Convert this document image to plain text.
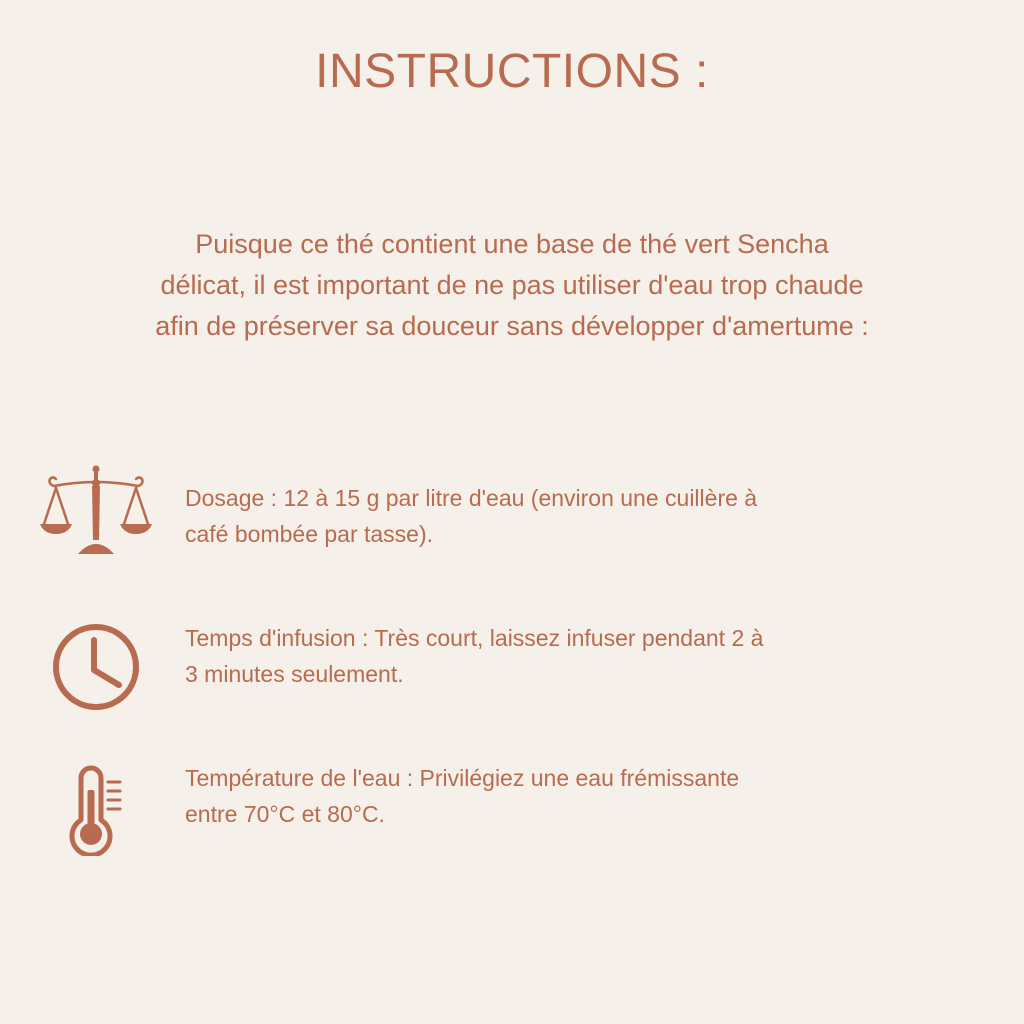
INSTRUCTIONS :
Puisque ce thé contient une base de thé vert Sencha
délicat, il est important de ne pas utiliser d'eau trop chaude
afin de préserver sa douceur sans développer d'amertume :

Dosage : 12 à 15 g par litre d'eau (environ une cuillère à
café bombée par tasse).

Temps d'infusion : Très court, laissez infuser pendant 2 à
3 minutes seulement.

Température de l'eau : Privilégiez une eau frémissante
entre 70°C et 80°C.
